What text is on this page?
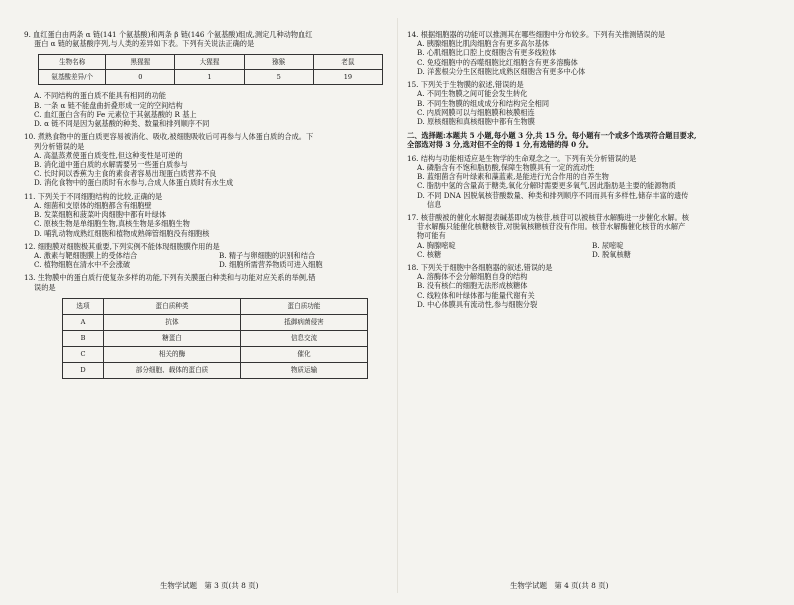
9. 血红蛋白由两条 α 链(141 个氨基酸)和两条 β 链(146 个氨基酸)组成,测定几种动物血红

蛋白 α 链的氨基酸序列,与人类的差异如下表。下列有关说法正确的是

生物名称	黑猩猩	大猩猩	猕猴	老鼠
氨基酸差异/个	0	1	5	19

A. 不同结构的蛋白质不能具有相同的功能

B. 一条 α 链不能盘曲折叠形成一定的空间结构

C. 血红蛋白含有的 Fe 元素位于其氨基酸的 R 基上

D. α 链不同是因为氨基酸的种类、数量和排列顺序不同

10. 煮熟食物中的蛋白质更容易被消化、吸收,被细胞吸收后可再参与人体蛋白质的合成。下

列分析错误的是

A. 高温蒸煮使蛋白质变性,但这种变性是可逆的

B. 消化道中蛋白质的水解需要另一些蛋白质参与

C. 长时间以香蕉为主食的素食者容易出现蛋白质营养不良

D. 消化食物中的蛋白质时有水参与,合成人体蛋白质时有水生成

11. 下列关于不同细胞结构的比较,正确的是

A. 细菌和支原体的细胞都含有细胞壁

B. 发菜细胞和菠菜叶肉细胞中都有叶绿体

C. 原核生物是单细胞生物,真核生物是多细胞生物

D. 哺乳动物成熟红细胞和植物成熟筛管细胞没有细胞核

12. 细胞膜对细胞极其重要,下列实例不能体现细胞膜作用的是

A. 激素与靶细胞膜上的受体结合	B. 精子与卵细胞的识别和结合
C. 植物细胞在清水中不会涨破	D. 细胞所需营养物质可进入细胞

13. 生物膜中的蛋白质行使复杂多样的功能,下列有关膜蛋白种类和与功能对应关系的举例,错

误的是

选项	蛋白质种类	蛋白质功能
A	抗体	抵御病菌侵害
B	糖蛋白	信息交流
C	相关的酶	催化
D	部分细胞、载体的蛋白质	物质运输
生物学试题　第 3 页(共 8 页)

14. 根据细胞器的功能可以推测其在哪些细胞中分布较多。下列有关推测错误的是

A. 胰腺细胞比肌肉细胞含有更多高尔基体

B. 心肌细胞比口腔上皮细胞含有更多线粒体

C. 免疫细胞中的吞噬细胞比红细胞含有更多溶酶体

D. 洋葱根尖分生区细胞比成熟区细胞含有更多中心体

15. 下列关于生物膜的叙述,错误的是

A. 不同生物膜之间可能会发生转化

B. 不同生物膜的组成成分和结构完全相同

C. 内质网膜可以与细胞膜和核膜相连

D. 原核细胞和真核细胞中都有生物膜

二、选择题:本题共 5 小题,每小题 3 分,共 15 分。每小题有一个或多个选项符合题目要求,

全部选对得 3 分,选对但不全的得 1 分,有选错的得 0 分。

16. 结构与功能相适应是生物学的生命观念之一。下列有关分析错误的是

A. 磷脂含有不饱和脂肪酸,保障生物膜具有一定的流动性

B. 蓝细菌含有叶绿素和藻蓝素,是能进行光合作用的自养生物

C. 脂肪中氢的含量高于糖类,氧化分解时需要更多氧气,因此脂肪是主要的能源物质

D. 不同 DNA 因脱氧核苷酸数量、种类和排列顺序不同而具有多样性,储存丰富的遗传

信息

17. 核苷酸被的催化水解提表碱基即成为核苷,核苷可以被核苷水解酶进一步催化水解。核

苷水解酶只能催化核糖核苷,对脱氧核糖核苷没有作用。核苷水解酶催化核苷的水解产

物可能有

A. 胸腺嘧啶	B. 尿嘧啶
C. 核糖	D. 脱氧核糖

18. 下列关于细胞中各细胞器的叙述,错误的是

A. 溶酶体不会分解细胞自身的结构

B. 没有核仁的细胞无法形成核糖体

C. 线粒体和叶绿体都与能量代谢有关

D. 中心体膜具有流动性,参与细胞分裂

生物学试题　第 4 页(共 8 页)
